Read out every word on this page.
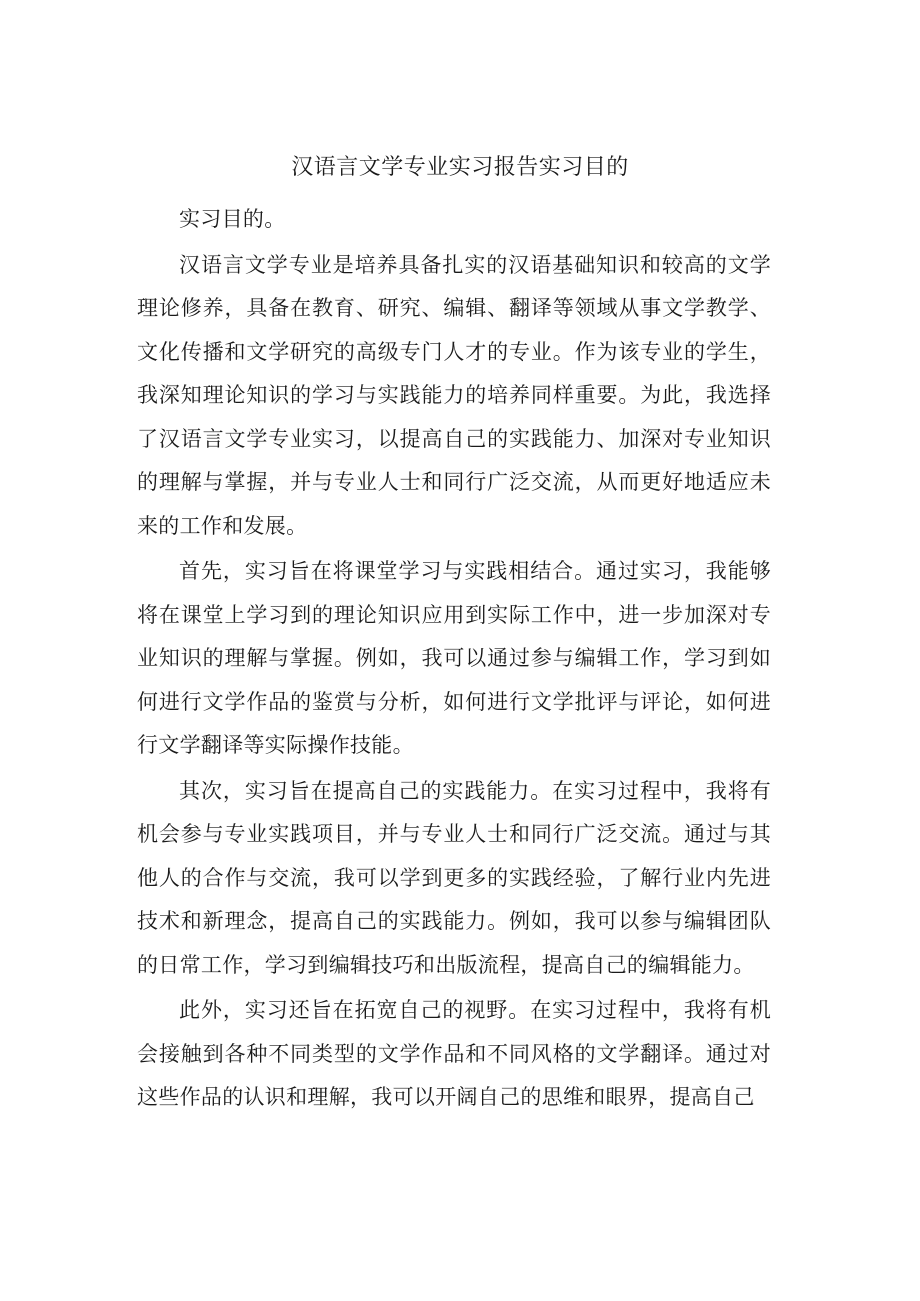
汉语言文学专业实习报告实习目的

实习目的。

汉语言文学专业是培养具备扎实的汉语基础知识和较高的文学理论修养，具备在教育、研究、编辑、翻译等领域从事文学教学、文化传播和文学研究的高级专门人才的专业。作为该专业的学生，我深知理论知识的学习与实践能力的培养同样重要。为此，我选择了汉语言文学专业实习，以提高自己的实践能力、加深对专业知识的理解与掌握，并与专业人士和同行广泛交流，从而更好地适应未来的工作和发展。

首先，实习旨在将课堂学习与实践相结合。通过实习，我能够将在课堂上学习到的理论知识应用到实际工作中，进一步加深对专业知识的理解与掌握。例如，我可以通过参与编辑工作，学习到如何进行文学作品的鉴赏与分析，如何进行文学批评与评论，如何进行文学翻译等实际操作技能。

其次，实习旨在提高自己的实践能力。在实习过程中，我将有机会参与专业实践项目，并与专业人士和同行广泛交流。通过与其他人的合作与交流，我可以学到更多的实践经验，了解行业内先进技术和新理念，提高自己的实践能力。例如，我可以参与编辑团队的日常工作，学习到编辑技巧和出版流程，提高自己的编辑能力。

此外，实习还旨在拓宽自己的视野。在实习过程中，我将有机会接触到各种不同类型的文学作品和不同风格的文学翻译。通过对这些作品的认识和理解，我可以开阔自己的思维和眼界，提高自己
